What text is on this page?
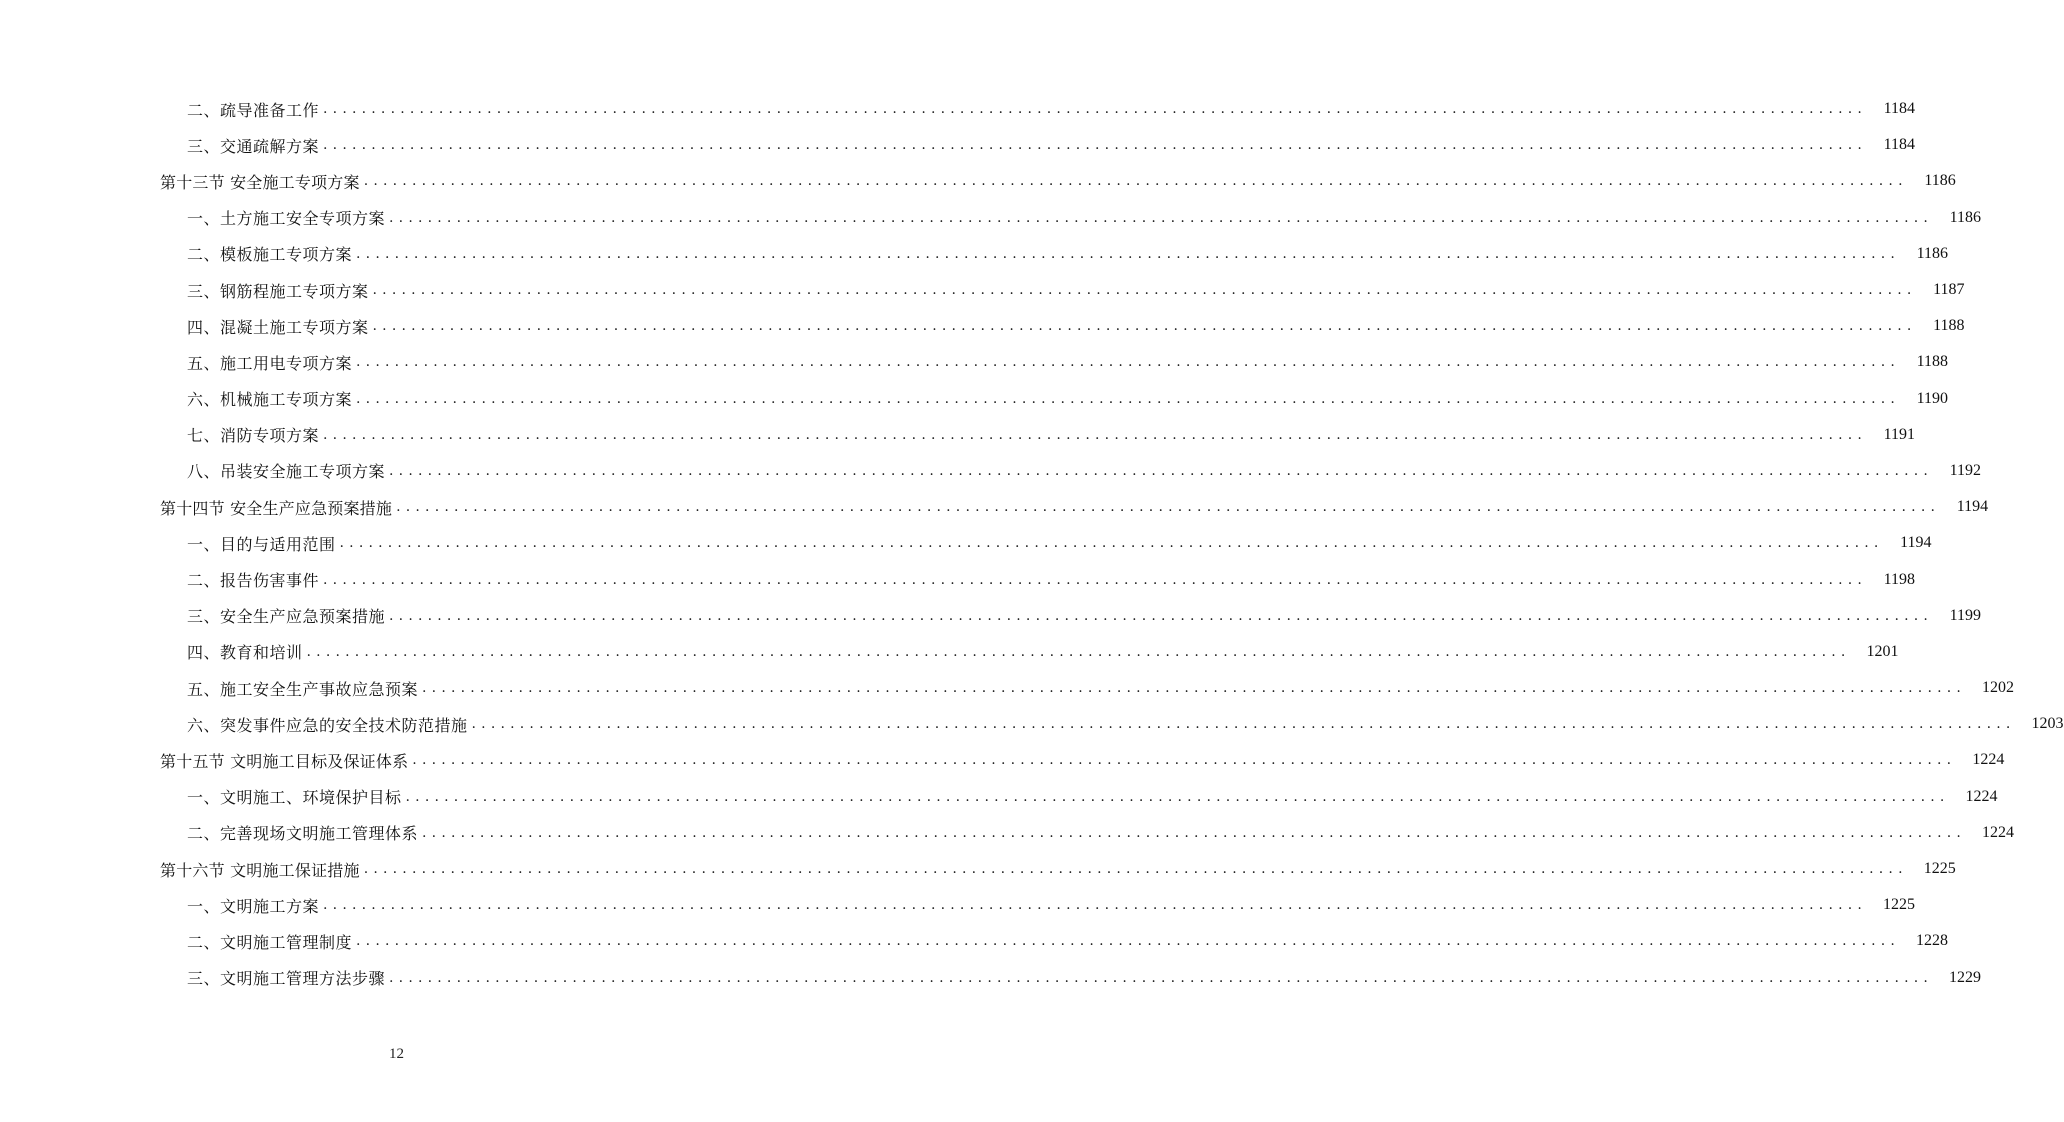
二、疏导准备工作 ................................................................................................................................................................	1184
三、交通疏解方案 ................................................................................................................................................................	1184
第十三节 安全施工专项方案 ................................................................................................................................................................	1186
一、土方施工安全专项方案 ................................................................................................................................................................	1186
二、模板施工专项方案 ................................................................................................................................................................	1186
三、钢筋程施工专项方案 ................................................................................................................................................................	1187
四、混凝土施工专项方案 ................................................................................................................................................................	1188
五、施工用电专项方案 ................................................................................................................................................................	1188
六、机械施工专项方案 ................................................................................................................................................................	1190
七、消防专项方案 ................................................................................................................................................................	1191
八、吊装安全施工专项方案 ................................................................................................................................................................	1192
第十四节 安全生产应急预案措施 ................................................................................................................................................................	1194
一、目的与适用范围 ................................................................................................................................................................	1194
二、报告伤害事件 ................................................................................................................................................................	1198
三、安全生产应急预案措施 ................................................................................................................................................................	1199
四、教育和培训 ................................................................................................................................................................	1201
五、施工安全生产事故应急预案 ................................................................................................................................................................	1202
六、突发事件应急的安全技术防范措施 ................................................................................................................................................................	1203
第十五节 文明施工目标及保证体系 ................................................................................................................................................................	1224
一、文明施工、环境保护目标 ................................................................................................................................................................	1224
二、完善现场文明施工管理体系 ................................................................................................................................................................	1224
第十六节 文明施工保证措施 ................................................................................................................................................................	1225
一、文明施工方案 ................................................................................................................................................................	1225
二、文明施工管理制度 ................................................................................................................................................................	1228
三、文明施工管理方法步骤 ................................................................................................................................................................	1229
12
